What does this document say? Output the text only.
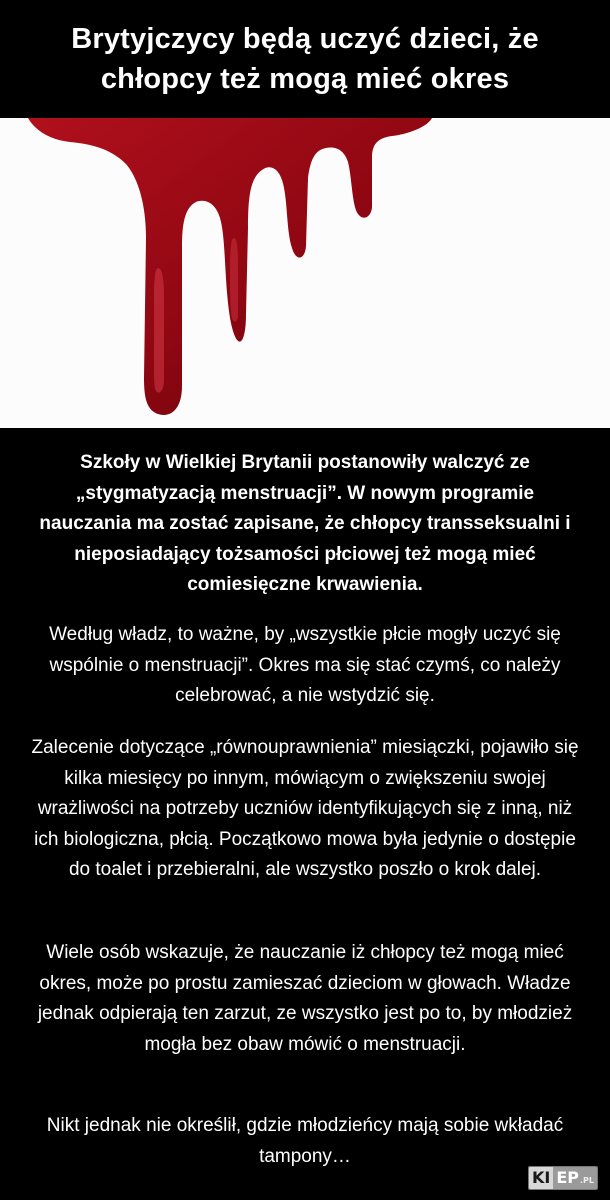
Brytyjczycy będą uczyć dzieci, że chłopcy też mogą mieć okres

Szkoły w Wielkiej Brytanii postanowiły walczyć ze „stygmatyzacją menstruacji”. W nowym programie nauczania ma zostać zapisane, że chłopcy transseksualni i nieposiadający tożsamości płciowej też mogą mieć comiesięczne krwawienia.

Według władz, to ważne, by „wszystkie płcie mogły uczyć się wspólnie o menstruacji”. Okres ma się stać czymś, co należy celebrować, a nie wstydzić się.

Zalecenie dotyczące „równouprawnienia” miesiączki, pojawiło się kilka miesięcy po innym, mówiącym o zwiększeniu swojej wrażliwości na potrzeby uczniów identyfikujących się z inną, niż ich biologiczna, płcią. Początkowo mowa była jedynie o dostępie do toalet i przebieralni, ale wszystko poszło o krok dalej.

Wiele osób wskazuje, że nauczanie iż chłopcy też mogą mieć okres, może po prostu zamieszać dzieciom w głowach. Władze jednak odpierają ten zarzut, ze wszystko jest po to, by młodzież mogła bez obaw mówić o menstruacji.

Nikt jednak nie określił, gdzie młodzieńcy mają sobie wkładać tampony…

KI EP .PL
